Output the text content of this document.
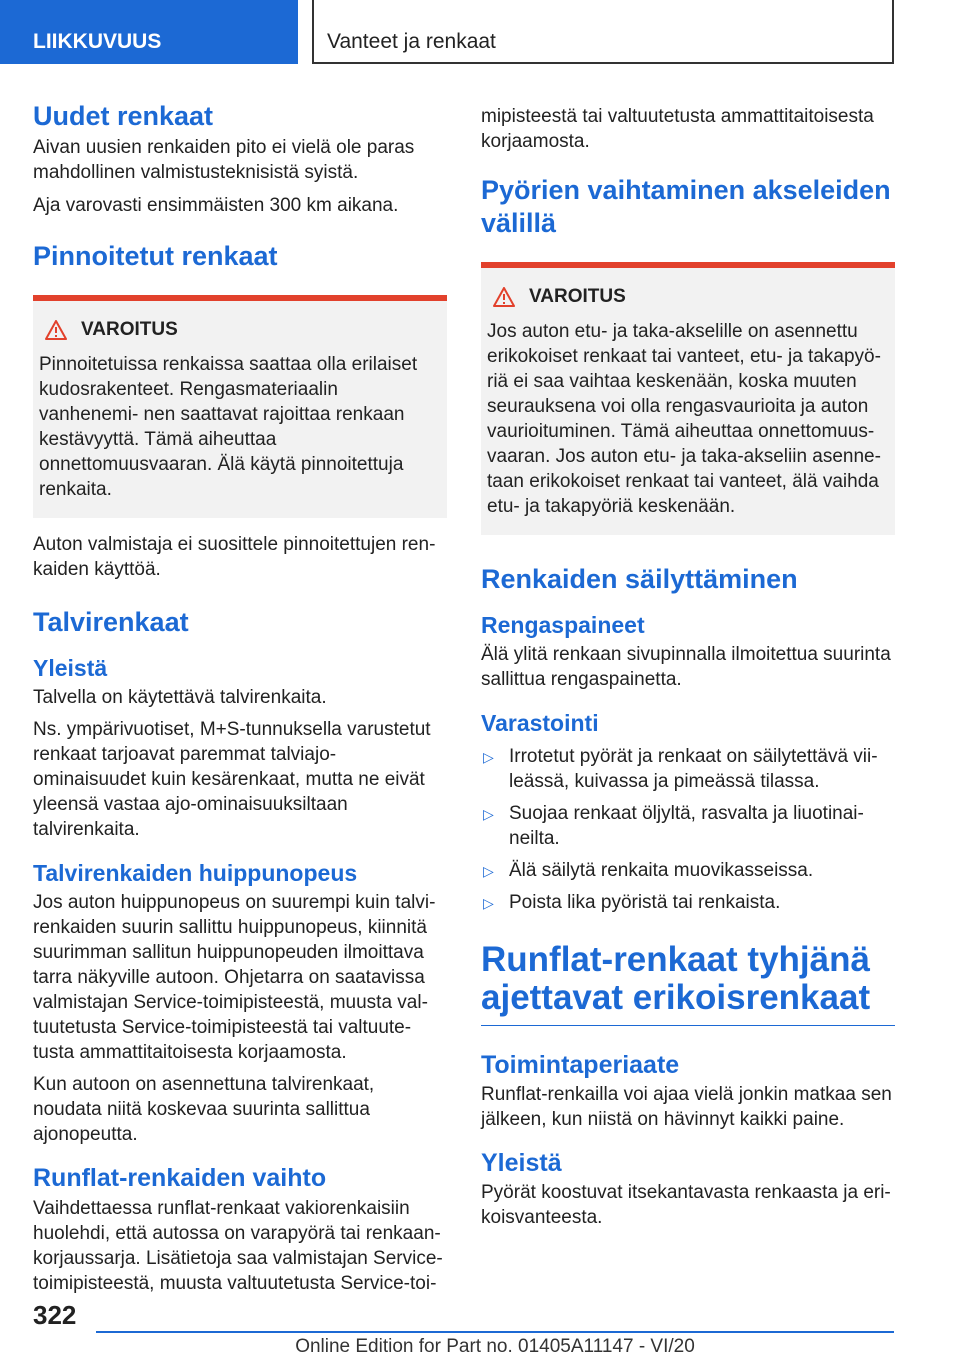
LIIKKUVUUS	Vanteet ja renkaat
Uudet renkaat

Aivan uusien renkaiden pito ei vielä ole paras mahdollinen valmistusteknisistä syistä.

Aja varovasti ensimmäisten 300 km aikana.

Pinnoitetut renkaat
VAROITUS

Pinnoitetuissa renkaissa saattaa olla erilaiset kudosrakenteet. Rengasmateriaalin vanhenemi- nen saattavat rajoittaa renkaan kestävyyttä. Tämä aiheuttaa onnettomuusvaaran. Älä käytä pinnoitettuja renkaita.

Auton valmistaja ei suosittele pinnoitettujen ren- kaiden käyttöä.

Talvirenkaat
Yleistä

Talvella on käytettävä talvirenkaita.

Ns. ympärivuotiset, M+S-tunnuksella varustetut renkaat tarjoavat paremmat talviajo-ominaisuudet kuin kesärenkaat, mutta ne eivät yleensä vastaa ajo-ominaisuuksiltaan talvirenkaita.

Talvirenkaiden huippunopeus

Jos auton huippunopeus on suurempi kuin talvi- renkaiden suurin sallittu huippunopeus, kiinnitä suurimman sallitun huippunopeuden ilmoittava tarra näkyville autoon. Ohjetarra on saatavissa valmistajan Service-toimipisteestä, muusta val- tuutetusta Service-toimipisteestä tai valtuute- tusta ammattitaitoisesta korjaamosta.

Kun autoon on asennettuna talvirenkaat, noudata niitä koskevaa suurinta sallittua ajonopeutta.

Runflat-renkaiden vaihto

Vaihdettaessa runflat-renkaat vakiorenkaisiin huolehdi, että autossa on varapyörä tai renkaan- korjaussarja. Lisätietoja saa valmistajan Service- toimipisteestä, muusta valtuutetusta Service-toi-

mipisteestä tai valtuutetusta ammattitaitoisesta korjaamosta.

Pyörien vaihtaminen akseleiden välillä
VAROITUS

Jos auton etu- ja taka-akselille on asennettu erikokoiset renkaat tai vanteet, etu- ja takapyö- riä ei saa vaihtaa keskenään, koska muuten seurauksena voi olla rengasvaurioita ja auton vaurioituminen. Tämä aiheuttaa onnettomuus- vaaran. Jos auton etu- ja taka-akseliin asenne- taan erikokoiset renkaat tai vanteet, älä vaihda etu- ja takapyöriä keskenään.

Renkaiden säilyttäminen
Rengaspaineet

Älä ylitä renkaan sivupinnalla ilmoitettua suurinta sallittua rengaspainetta.

Varastointi
▷ Irrotetut pyörät ja renkaat on säilytettävä vii- leässä, kuivassa ja pimeässä tilassa.
▷ Suojaa renkaat öljyltä, rasvalta ja liuotinai- neilta.
▷ Älä säilytä renkaita muovikasseissa.
▷ Poista lika pyöristä tai renkaista.
Runflat-renkaat tyhjänä ajettavat erikoisrenkaat
Toimintaperiaate

Runflat-renkailla voi ajaa vielä jonkin matkaa sen jälkeen, kun niistä on hävinnyt kaikki paine.

Yleistä

Pyörät koostuvat itsekantavasta renkaasta ja eri- koisvanteesta.

322
Online Edition for Part no. 01405A11147 - VI/20
